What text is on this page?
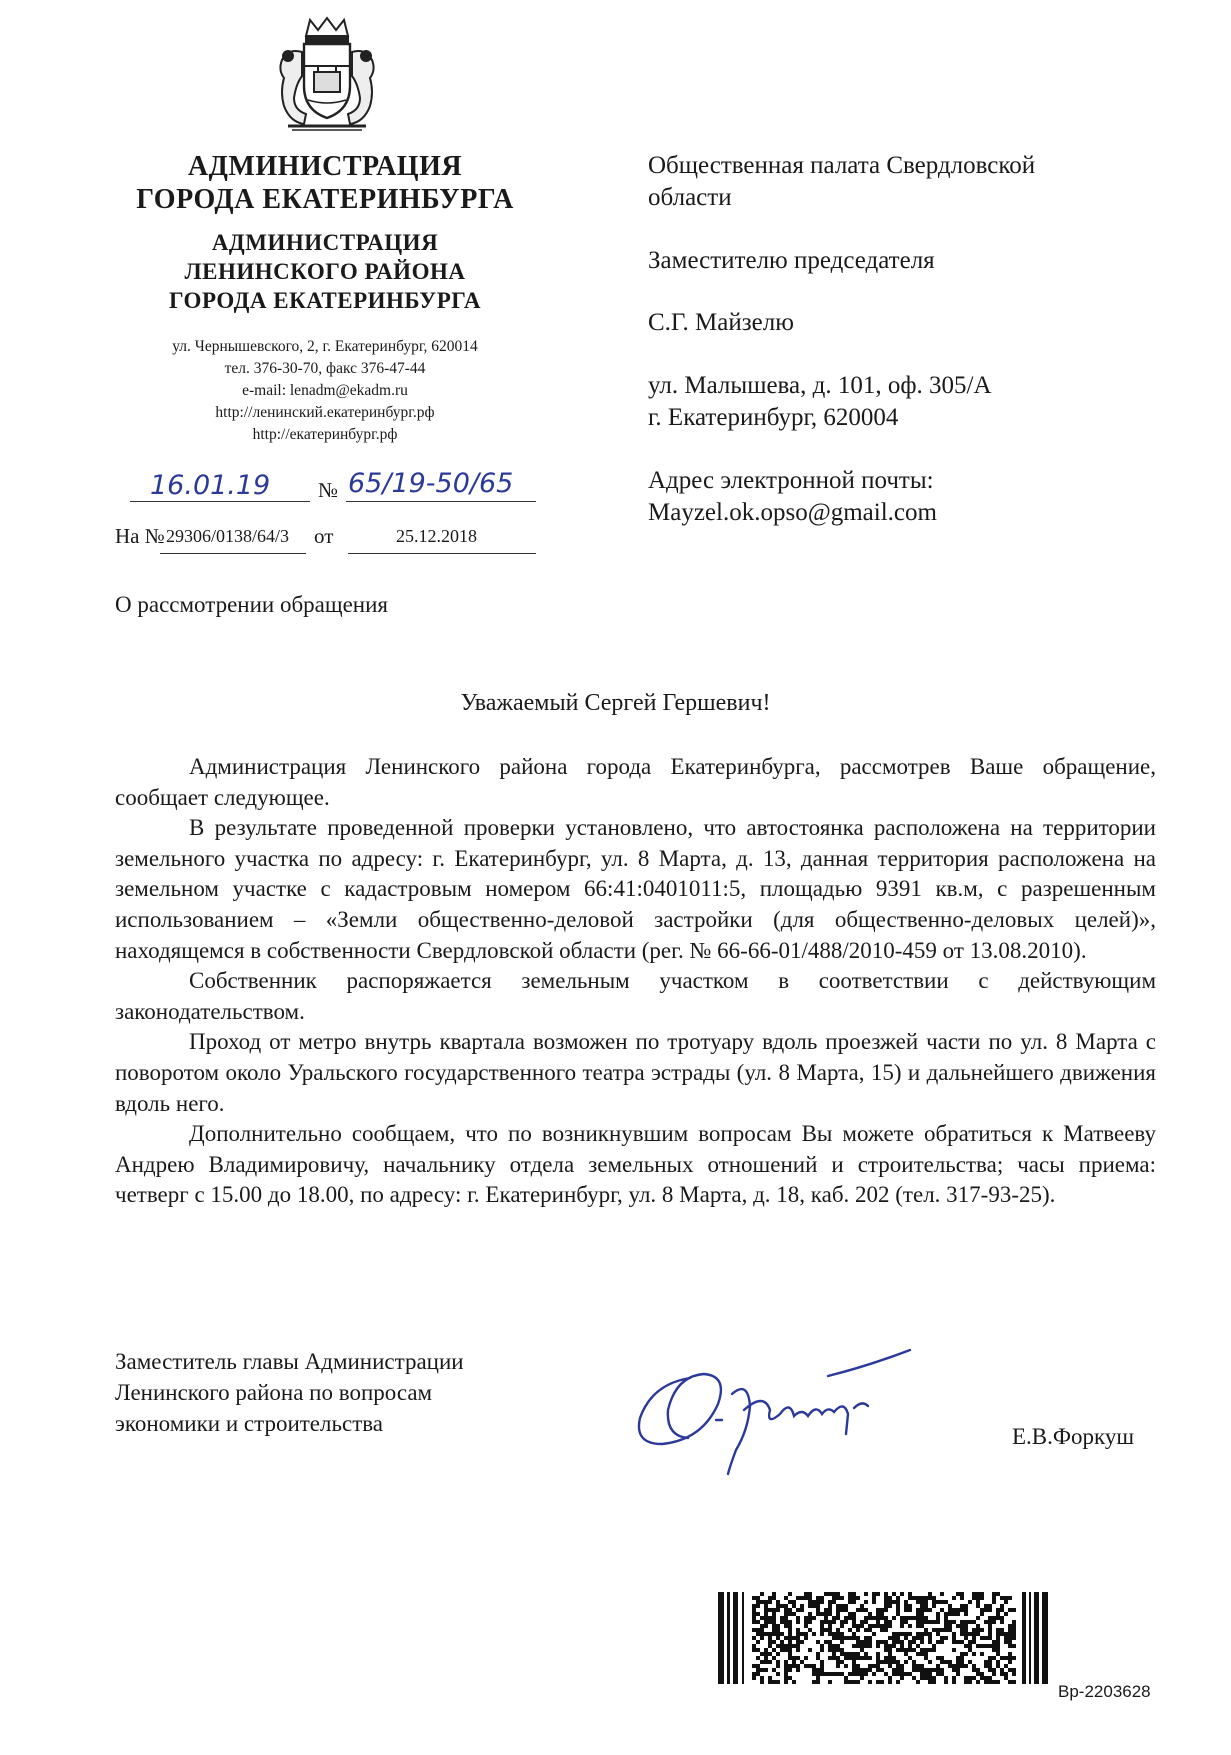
АДМИНИСТРАЦИЯ
ГОРОДА ЕКАТЕРИНБУРГА
АДМИНИСТРАЦИЯ
ЛЕНИНСКОГО РАЙОНА
ГОРОДА ЕКАТЕРИНБУРГА
ул. Чернышевского, 2, г. Екатеринбург, 620014
тел. 376-30-70, факс 376-47-44
e-mail: lenadm@ekadm.ru
http://ленинский.екатеринбург.рф
http://екатеринбург.рф
16.01.19 № 65/19-50/65
На № 29306/0138/64/3	от	25.12.2018
Общественная палата Свердловской
области
Заместителю председателя
С.Г. Майзелю
ул. Малышева, д. 101, оф. 305/А
г. Екатеринбург, 620004
Адрес электронной почты:
Mayzel.ok.opso@gmail.com
О рассмотрении обращения
Уважаемый Сергей Гершевич!

Администрация Ленинского района города Екатеринбурга, рассмотрев Ваше обращение, сообщает следующее.

В результате проведенной проверки установлено, что автостоянка расположена на территории земельного участка по адресу: г. Екатеринбург, ул. 8 Марта, д. 13, данная территория расположена на земельном участке с кадастровым номером 66:41:0401011:5, площадью 9391 кв.м, с разрешенным использованием – «Земли общественно-деловой застройки (для общественно-деловых целей)», находящемся в собственности Свердловской области (рег. № 66-66-01/488/2010-459 от 13.08.2010).

Собственник распоряжается земельным участком в соответствии с действующим законодательством.

Проход от метро внутрь квартала возможен по тротуару вдоль проезжей части по ул. 8 Марта с поворотом около Уральского государственного театра эстрады (ул. 8 Марта, 15) и дальнейшего движения вдоль него.

Дополнительно сообщаем, что по возникнувшим вопросам Вы можете обратиться к Матвееву Андрею Владимировичу, начальнику отдела земельных отношений и строительства; часы приема: четверг с 15.00 до 18.00, по адресу: г. Екатеринбург, ул. 8 Марта, д. 18, каб. 202 (тел. 317-93-25).

Заместитель главы Администрации
Ленинского района по вопросам
экономики и строительства
Е.В.Форкуш
Вр-2203628
